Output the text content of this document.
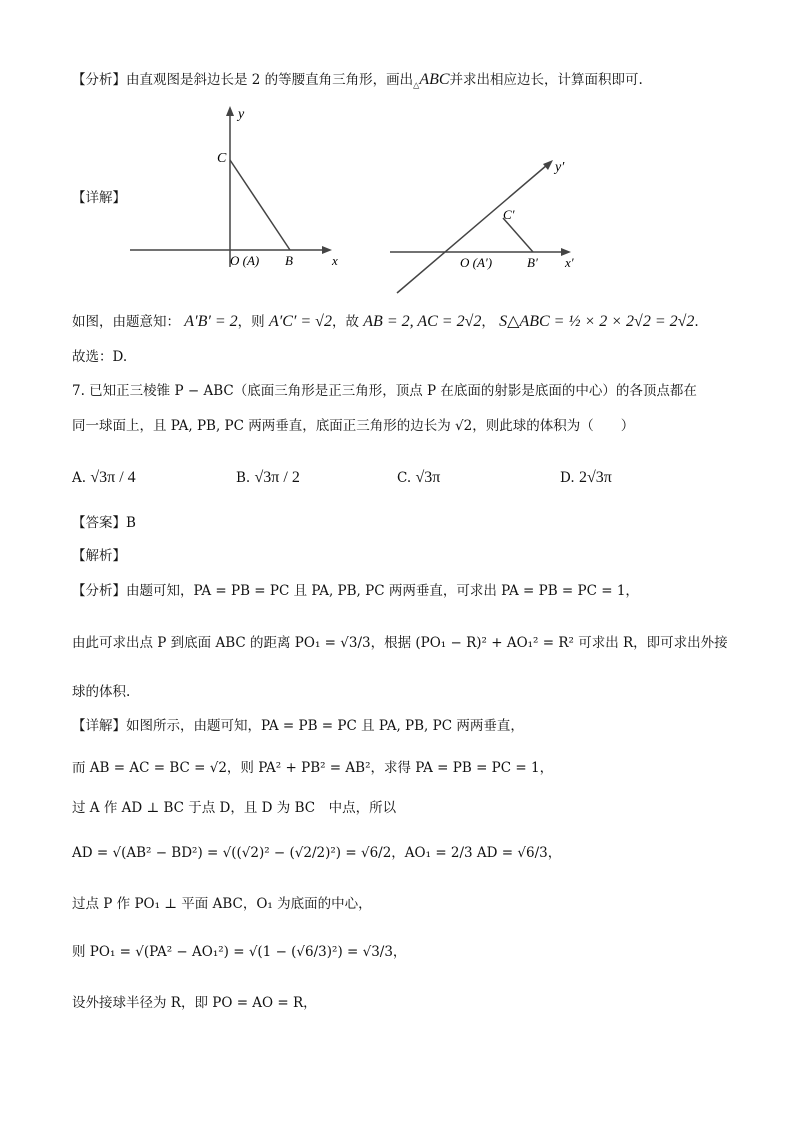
【分析】由直观图是斜边长是 2 的等腰直角三角形，画出$_\triangle$ABC并求出相应边长，计算面积即可.
y
C
O (A) B	x
【详解】
y′
C′
O (A′)	B′ x′
如图，由题意知： A′B′ = 2，则 A′C′ = √2，故 AB = 2, AC = 2√2， S△ABC = ½ × 2 × 2√2 = 2√2.
故选：D.
7. 已知正三棱锥 P − ABC（底面三角形是正三角形，顶点 P 在底面的射影是底面的中心）的各顶点都在
同一球面上，且 PA, PB, PC 两两垂直，底面正三角形的边长为 √2，则此球的体积为（　　）
A. √3π / 4	B. √3π / 2	C. √3π	D. 2√3π
【答案】B
【解析】
【分析】由题可知，PA = PB = PC 且 PA, PB, PC 两两垂直，可求出 PA = PB = PC = 1，
由此可求出点 P 到底面 ABC 的距离 PO₁ = √3/3，根据 (PO₁ − R)² + AO₁² = R² 可求出 R，即可求出外接
球的体积.
【详解】如图所示，由题可知，PA = PB = PC 且 PA, PB, PC 两两垂直，
而 AB = AC = BC = √2，则 PA² + PB² = AB²，求得 PA = PB = PC = 1，
过 A 作 AD ⊥ BC 于点 D，且 D 为 BC　中点，所以
AD = √(AB² − BD²) = √((√2)² − (√2/2)²) = √6/2，AO₁ = 2/3 AD = √6/3，
过点 P 作 PO₁ ⊥ 平面 ABC，O₁ 为底面的中心，
则 PO₁ = √(PA² − AO₁²) = √(1 − (√6/3)²) = √3/3，
设外接球半径为 R，即 PO = AO = R，
